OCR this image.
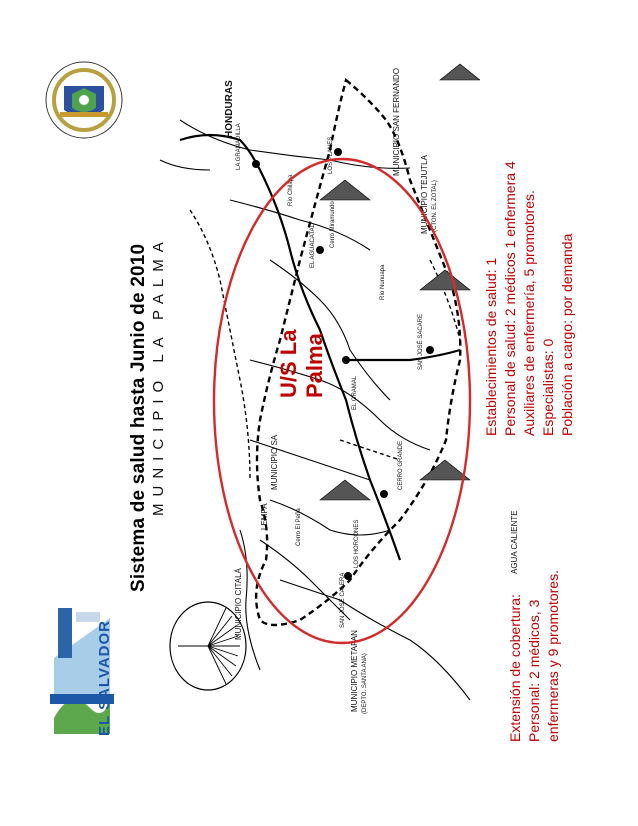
Sistema de salud hasta Junio de 2010
EL SALVADOR
MUNICIPIO LA PALMA
HONDURAS	MUNICIPIO SAN FERNANDO
MUNICIPIO TEJUTLA (CTON. EL ZOTAL)
MUNICIPIO CITALÁ
MUNICIPIO METAPAN (DEPTO. SANTA ANA)
MUNICIPIO SA
EL AGUACATAL
EL GRAMAL
LOS HORCONES
CERRO GRANDE
SAN JOSÉ CALERA
SAN JOSÉ SACARE
AGUA CALIENTE
LEMPA
LA GRANADILLA	LOS PLANES
Río Chilapa
Río Nunuapa
Cerro Miramundo
Cerro El Peña
U/S La Palma	Establecimientos de salud: 1 Personal de salud: 2 médicos 1 enfermera 4 Auxiliares de enfermería, 5 promotores. Especialistas: 0 Población a cargo: por demanda
Extensión de cobertura: Personal: 2 médicos, 3 enfermeras y 9 promotores.
